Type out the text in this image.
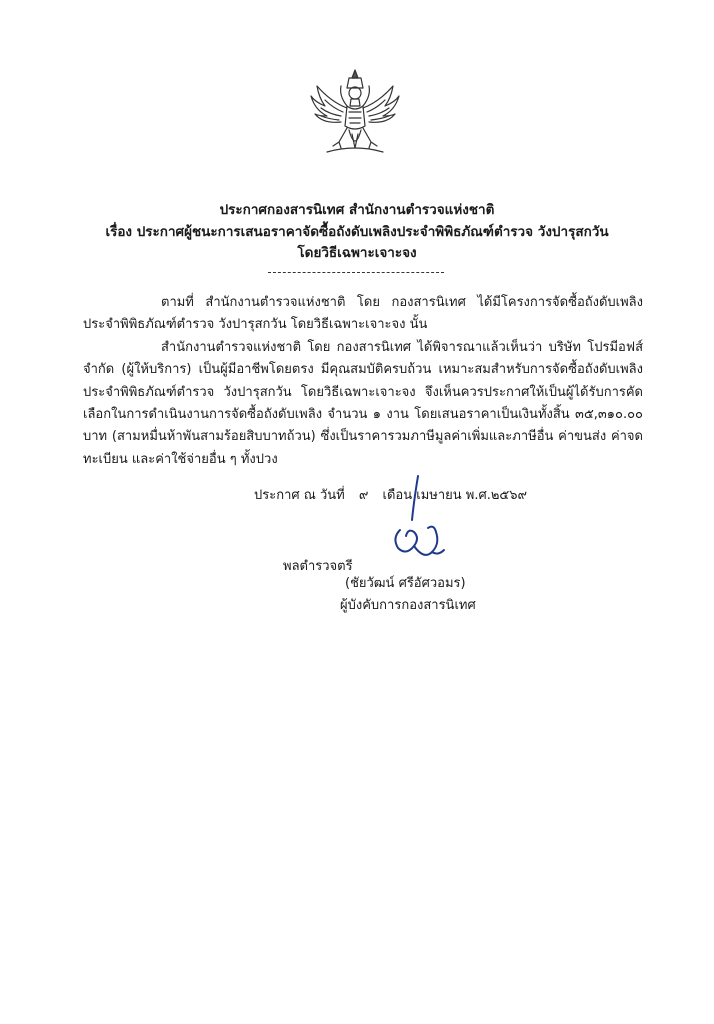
ประกาศกองสารนิเทศ สำนักงานตำรวจแห่งชาติ
เรื่อง ประกาศผู้ชนะการเสนอราคาจัดซื้อถังดับเพลิงประจำพิพิธภัณฑ์ตำรวจ วังปารุสกวัน
โดยวิธีเฉพาะเจาะจง

ตามที่ สำนักงานตำรวจแห่งชาติ โดย กองสารนิเทศ ได้มีโครงการจัดซื้อถังดับเพลิงประจำพิพิธภัณฑ์ตำรวจ วังปารุสกวัน โดยวิธีเฉพาะเจาะจง นั้น

สำนักงานตำรวจแห่งชาติ โดย กองสารนิเทศ ได้พิจารณาแล้วเห็นว่า บริษัท โปรมีอฟส์ จำกัด (ผู้ให้บริการ) เป็นผู้มีอาชีพโดยตรง มีคุณสมบัติครบถ้วน เหมาะสมสำหรับการจัดซื้อถังดับเพลิงประจำพิพิธภัณฑ์ตำรวจ วังปารุสกวัน โดยวิธีเฉพาะเจาะจง จึงเห็นควรประกาศให้เป็นผู้ได้รับการคัดเลือกในการดำเนินงานการจัดซื้อถังดับเพลิง จำนวน ๑ งาน โดยเสนอราคาเป็นเงินทั้งสิ้น ๓๕,๓๑๐.๐๐ บาท (สามหมื่นห้าพันสามร้อยสิบบาทถ้วน) ซึ่งเป็นราคารวมภาษีมูลค่าเพิ่มและภาษีอื่น ค่าขนส่ง ค่าจดทะเบียน และค่าใช้จ่ายอื่น ๆ ทั้งปวง

ประกาศ ณ วันที่ ๙ เดือน เมษายน พ.ศ.๒๕๖๙
พลตำรวจตรี
(ชัยวัฒน์ ศรีอัศวอมร)
ผู้บังคับการกองสารนิเทศ
